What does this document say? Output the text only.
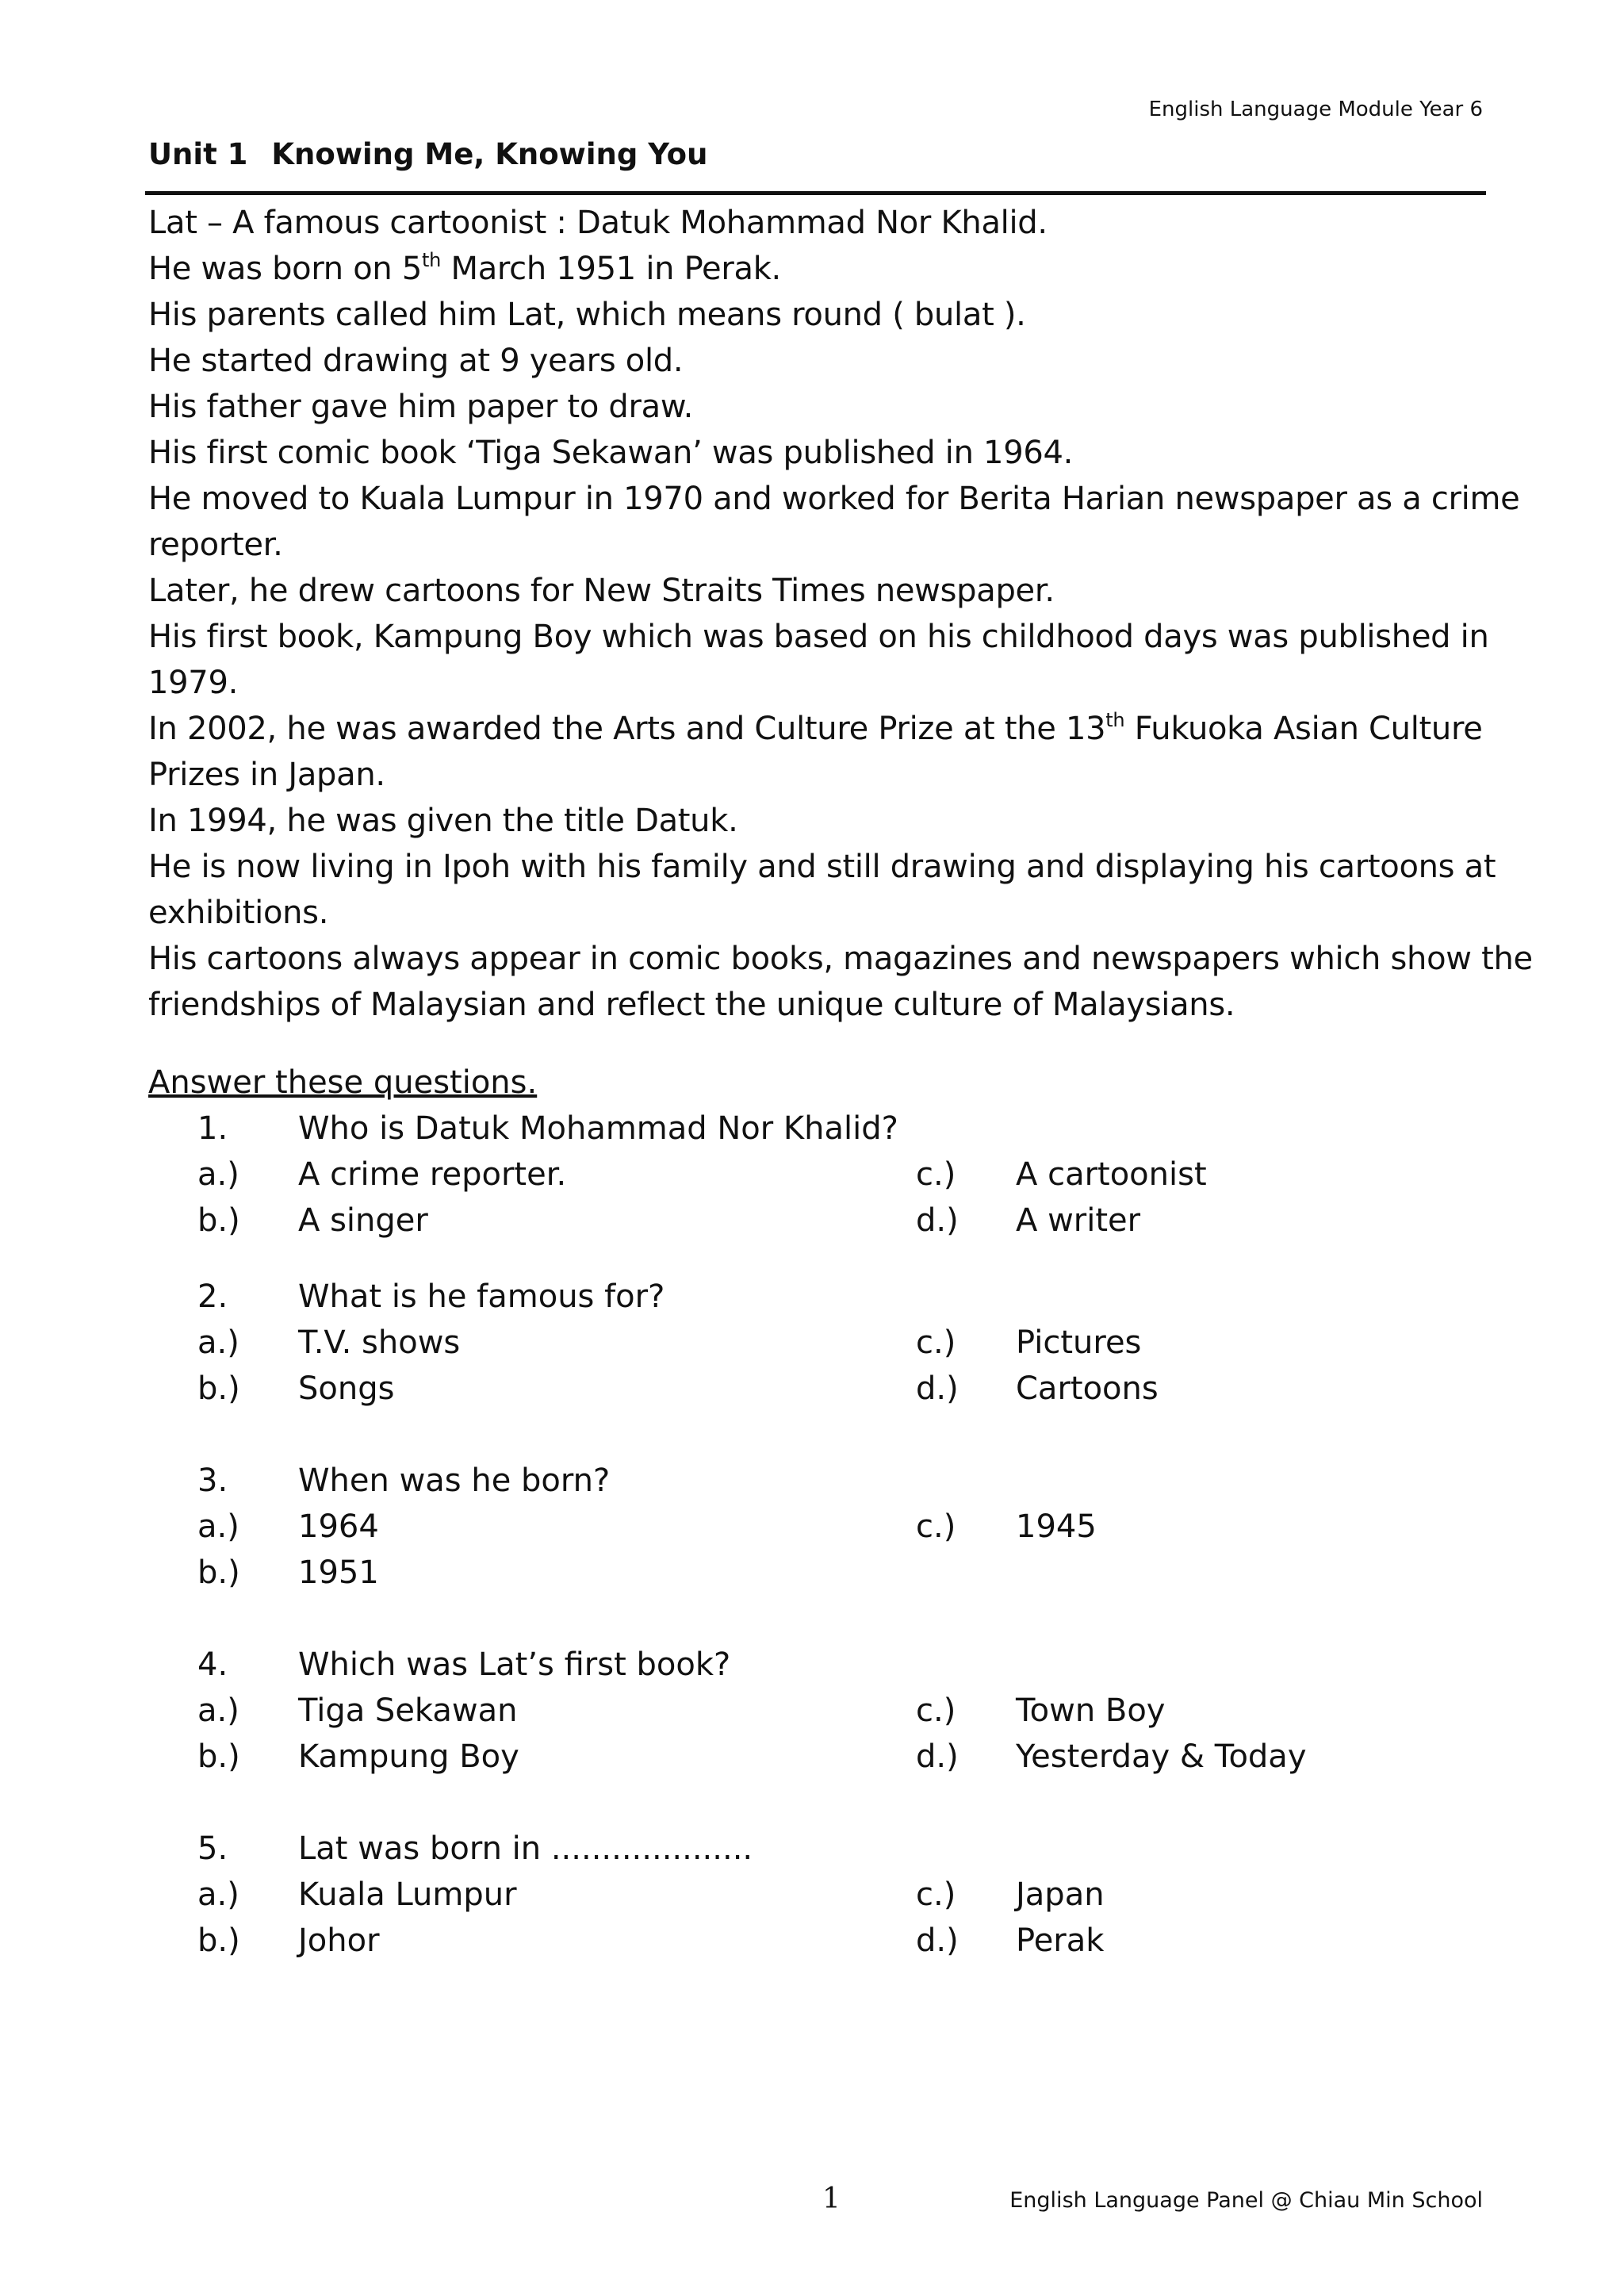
English Language Module Year 6
Unit 1 Knowing Me, Knowing You
Lat – A famous cartoonist : Datuk Mohammad Nor Khalid.
He was born on 5th March 1951 in Perak.
His parents called him Lat, which means round ( bulat ).
He started drawing at 9 years old.
His father gave him paper to draw.
His first comic book ‘Tiga Sekawan’ was published in 1964.
He moved to Kuala Lumpur in 1970 and worked for Berita Harian newspaper as a crime
reporter.
Later, he drew cartoons for New Straits Times newspaper.
His first book, Kampung Boy which was based on his childhood days was published in
1979.
In 2002, he was awarded the Arts and Culture Prize at the 13th Fukuoka Asian Culture
Prizes in Japan.
In 1994, he was given the title Datuk.
He is now living in Ipoh with his family and still drawing and displaying his cartoons at
exhibitions.
His cartoons always appear in comic books, magazines and newspapers which show the
friendships of Malaysian and reflect the unique culture of Malaysians.
Answer these questions.
1. Who is Datuk Mohammad Nor Khalid?
a.) A crime reporter.	c.) A cartoonist
b.) A singer	d.) A writer
2. What is he famous for?
a.) T.V. shows	c.) Pictures
b.) Songs	d.) Cartoons
3. When was he born?
a.) 1964	c.) 1945
b.) 1951
4. Which was Lat’s first book?
a.) Tiga Sekawan	c.) Town Boy
b.) Kampung Boy	d.) Yesterday & Today
5. Lat was born in ....................
a.) Kuala Lumpur	c.) Japan
b.) Johor	d.) Perak
1	English Language Panel @ Chiau Min School
